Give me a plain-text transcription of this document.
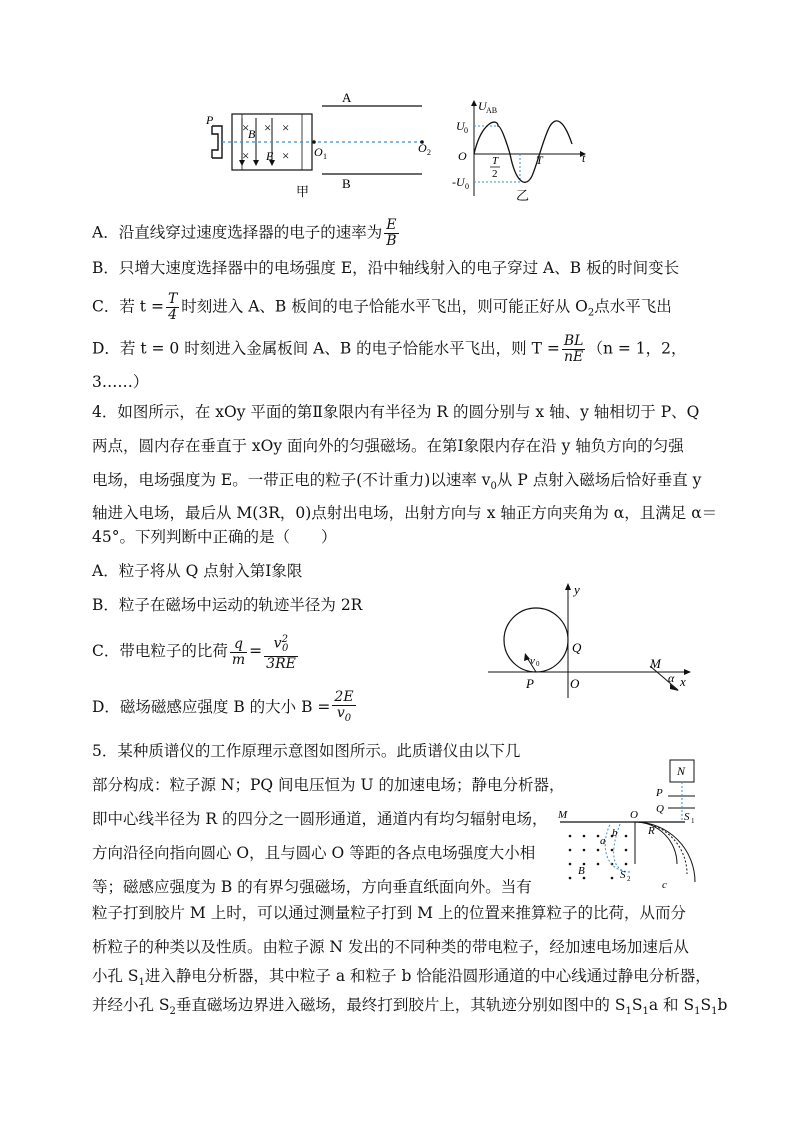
× × ×
×	×
B
E
P
A
B
O 1
O 2
甲
U AB
U 0
-U 0
O T
2
T	t
乙
A．沿直线穿过速度选择器的电子的速率为 $\frac{E}{B}$
B．只增大速度选择器中的电场强度 E，沿中轴线射入的电子穿过 A、B 板的时间变长
C．若 $t = \frac{T}{4}$ 时刻进入 A、B 板间的电子恰能水平飞出，则可能正好从 $O_2$点水平飞出
D．若 t = 0 时刻进入金属板间 A、B 的电子恰能水平飞出，则 $T = \frac{BL}{nE} (n = 1$，2，
3……）
4．如图所示，在 xOy 平面的第Ⅱ象限内有半径为 R 的圆分别与 x 轴、y 轴相切于 P、Q
两点，圆内存在垂直于 xOy 面向外的匀强磁场。在第Ⅰ象限内存在沿 y 轴负方向的匀强
电场，电场强度为 E。一带正电的粒子(不计重力)以速率 $v_0$从 P 点射入磁场后恰好垂直 y
轴进入电场，最后从 M(3R，0)点射出电场，出射方向与 x 轴正方向夹角为 α，且满足 α＝
45°。下列判断中正确的是（　　）
A．粒子将从 Q 点射入第Ⅰ象限
B．粒子在磁场中运动的轨迹半径为 2R
C．带电粒子的比荷 $\frac{q}{m} = \frac{v^2_0}{3RE}$
D．磁场磁感应强度 B 的大小 $B = \frac{2E}{v_0}$
y
x
Q
P	O
M
α
v 0
5．某种质谱仪的工作原理示意图如图所示。此质谱仪由以下几
部分构成：粒子源 N；PQ 间电压恒为 U 的加速电场；静电分析器，
即中心线半径为 R 的四分之一圆形通道，通道内有均匀辐射电场，
方向沿径向指向圆心 O，且与圆心 O 等距的各点电场强度大小相
等；磁感应强度为 B 的有界匀强磁场，方向垂直纸面向外。当有
粒子打到胶片 M 上时，可以通过测量粒子打到 M 上的位置来推算粒子的比荷，从而分
析粒子的种类以及性质。由粒子源 N 发出的不同种类的带电粒子，经加速电场加速后从
小孔 $S_1$进入静电分析器，其中粒子 a 和粒子 b 恰能沿圆形通道的中心线通过静电分析器，
并经小孔 $S_2$垂直磁场边界进入磁场，最终打到胶片上，其轨迹分别如图中的 $S_1S_1a$ 和 $S_1S_1b$
N
P
Q
M	O
R
S 1
S 2
a
b
B
c
